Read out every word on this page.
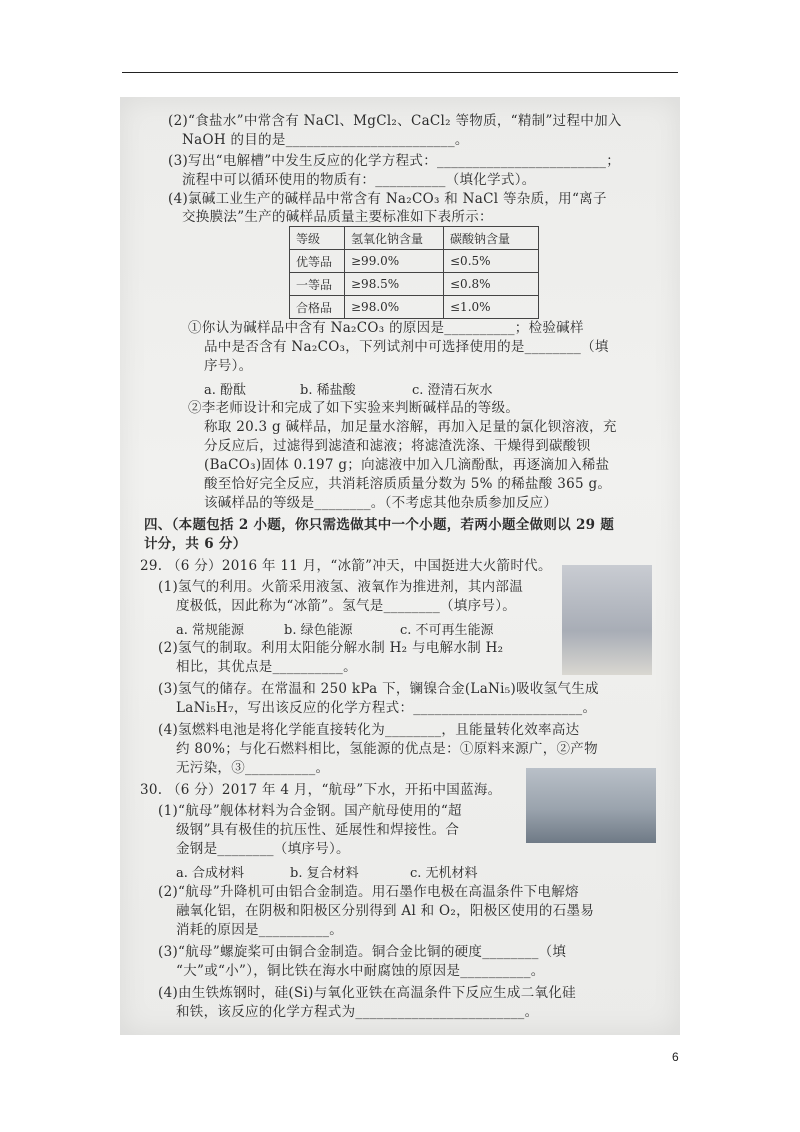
(2)“食盐水”中常含有 NaCl、MgCl₂、CaCl₂ 等物质，“精制”过程中加入
NaOH 的目的是________________________。
(3)写出“电解槽”中发生反应的化学方程式：________________________；
流程中可以循环使用的物质有：__________（填化学式）。
(4)氯碱工业生产的碱样品中常含有 Na₂CO₃ 和 NaCl 等杂质，用“离子
交换膜法”生产的碱样品质量主要标准如下表所示：
等级	氢氧化钠含量	碳酸钠含量
优等品	≥99.0%	≤0.5%
一等品	≥98.5%	≤0.8%
合格品	≥98.0%	≤1.0%
①你认为碱样品中含有 Na₂CO₃ 的原因是__________；检验碱样
品中是否含有 Na₂CO₃，下列试剂中可选择使用的是________（填
序号）。
a. 酚酞	b. 稀盐酸	c. 澄清石灰水
②李老师设计和完成了如下实验来判断碱样品的等级。
称取 20.3 g 碱样品，加足量水溶解，再加入足量的氯化钡溶液，充
分反应后，过滤得到滤渣和滤液；将滤渣洗涤、干燥得到碳酸钡
(BaCO₃)固体 0.197 g；向滤液中加入几滴酚酞，再逐滴加入稀盐
酸至恰好完全反应，共消耗溶质质量分数为 5% 的稀盐酸 365 g。
该碱样品的等级是________。（不考虑其他杂质参加反应）
四、（本题包括 2 小题，你只需选做其中一个小题，若两小题全做则以 29 题
计分，共 6 分）
29. （6 分）2016 年 11 月，“冰箭”冲天，中国挺进大火箭时代。
(1)氢气的利用。火箭采用液氢、液氧作为推进剂，其内部温
度极低，因此称为“冰箭”。氢气是________（填序号）。
a. 常规能源	b. 绿色能源	c. 不可再生能源
(2)氢气的制取。利用太阳能分解水制 H₂ 与电解水制 H₂
相比，其优点是__________。
(3)氢气的储存。在常温和 250 kPa 下，镧镍合金(LaNi₅)吸收氢气生成
LaNi₅H₇，写出该反应的化学方程式：________________________。
(4)氢燃料电池是将化学能直接转化为________，且能量转化效率高达
约 80%；与化石燃料相比，氢能源的优点是：①原料来源广，②产物
无污染，③__________。
30. （6 分）2017 年 4 月，“航母”下水，开拓中国蓝海。
(1)“航母”舰体材料为合金钢。国产航母使用的“超
级钢”具有极佳的抗压性、延展性和焊接性。合
金钢是________（填序号）。
a. 合成材料	b. 复合材料	c. 无机材料
(2)“航母”升降机可由铝合金制造。用石墨作电极在高温条件下电解熔
融氧化铝，在阴极和阳极区分别得到 Al 和 O₂，阳极区使用的石墨易
消耗的原因是__________。
(3)“航母”螺旋桨可由铜合金制造。铜合金比铜的硬度________（填
“大”或“小”），铜比铁在海水中耐腐蚀的原因是__________。
(4)由生铁炼钢时，硅(Si)与氧化亚铁在高温条件下反应生成二氧化硅
和铁，该反应的化学方程式为________________________。
6
